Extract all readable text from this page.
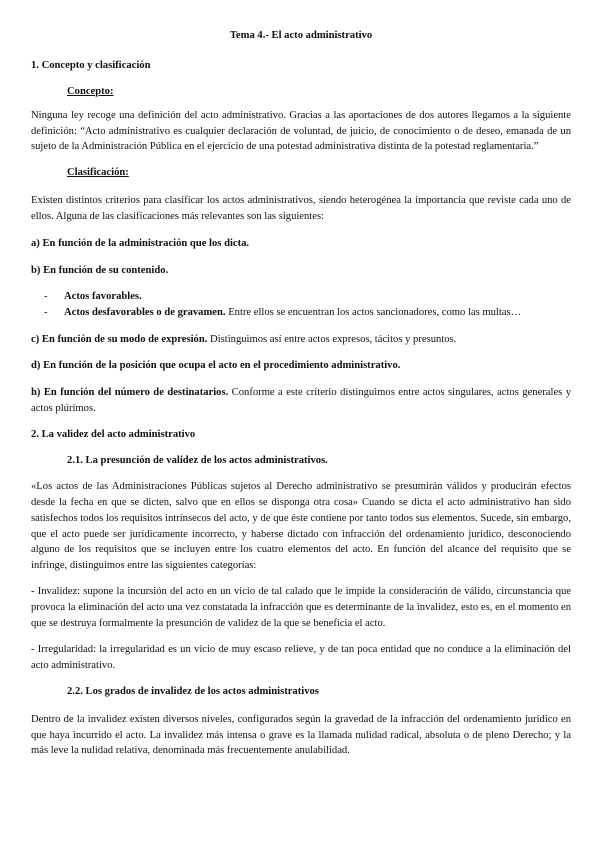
Tema 4.- El acto administrativo
1. Concepto y clasificación
Concepto:

Ninguna ley recoge una definición del acto administrativo. Gracias a las aportaciones de dos autores llegamos a la siguiente definición: “Acto administrativo es cualquier declaración de voluntad, de juicio, de conocimiento o de deseo, emanada de un sujeto de la Administración Pública en el ejercicio de una potestad administrativa distinta de la potestad reglamentaria.”

Clasificación:

Existen distintos criterios para clasificar los actos administrativos, siendo heterogénea la importancia que reviste cada uno de ellos. Alguna de las clasificaciones más relevantes son las siguientes:

a) En función de la administración que los dicta.
b) En función de su contenido.
-	Actos favorables.
-	Actos desfavorables o de gravamen. Entre ellos se encuentran los actos sancionadores, como las multas…

c) En función de su modo de expresión. Distinguimos así entre actos expresos, tácitos y presuntos.

d) En función de la posición que ocupa el acto en el procedimiento administrativo.

h) En función del número de destinatarios. Conforme a este criterio distinguimos entre actos singulares, actos generales y actos plúrimos.

2. La validez del acto administrativo
2.1. La presunción de validez de los actos administrativos.

«Los actos de las Administraciones Públicas sujetos al Derecho administrativo se presumirán válidos y producirán efectos desde la fecha en que se dicten, salvo que en ellos se disponga otra cosa» Cuando se dicta el acto administrativo han sido satisfechos todos los requisitos intrínsecos del acto, y de que éste contiene por tanto todos sus elementos. Sucede, sin embargo, que el acto puede ser jurídicamente incorrecto, y haberse dictado con infracción del ordenamiento jurídico, desconociendo alguno de los requisitos que se incluyen entre los cuatro elementos del acto. En función del alcance del requisito que se infringe, distinguimos entre las siguientes categorías:

- Invalidez: supone la incursión del acto en un vicio de tal calado que le impide la consideración de válido, circunstancia que provoca la eliminación del acto una vez constatada la infracción que es determinante de la invalidez, esto es, en el momento en que se destruya formalmente la presunción de validez de la que se beneficia el acto.

- Irregularidad: la irregularidad es un vicio de muy escaso relieve, y de tan poca entidad que no conduce a la eliminación del acto administrativo.

2.2. Los grados de invalidez de los actos administrativos

Dentro de la invalidez existen diversos niveles, configurados según la gravedad de la infracción del ordenamiento jurídico en que haya incurrido el acto. La invalidez más intensa o grave es la llamada nulidad radical, absoluta o de pleno Derecho; y la más leve la nulidad relativa, denominada más frecuentemente anulabilidad.
